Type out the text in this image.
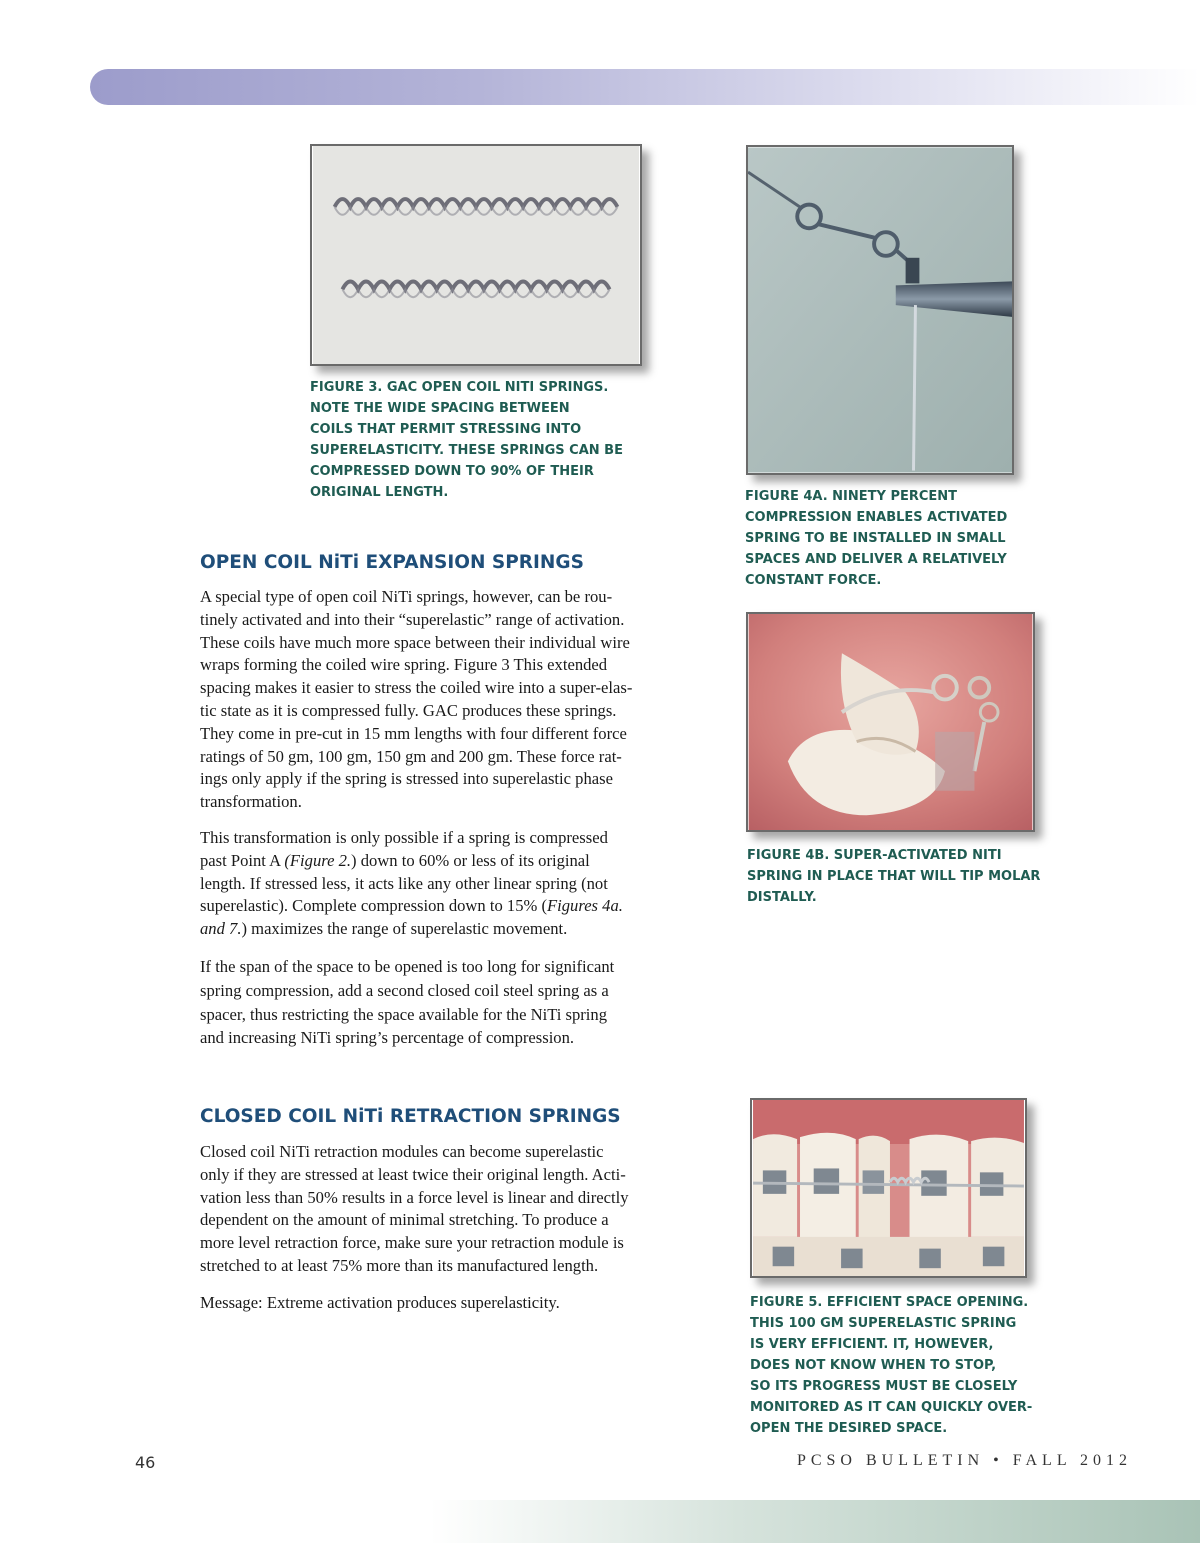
FIGURE 3. GAC OPEN COIL NITI SPRINGS.
NOTE THE WIDE SPACING BETWEEN
COILS THAT PERMIT STRESSING INTO
SUPERELASTICITY. THESE SPRINGS CAN BE
COMPRESSED DOWN TO 90% OF THEIR
ORIGINAL LENGTH.	FIGURE 4A. NINETY PERCENT
COMPRESSION ENABLES ACTIVATED
SPRING TO BE INSTALLED IN SMALL
SPACES AND DELIVER A RELATIVELY
CONSTANT FORCE.
FIGURE 4B. SUPER-ACTIVATED NITI
SPRING IN PLACE THAT WILL TIP MOLAR
DISTALLY.
FIGURE 5. EFFICIENT SPACE OPENING.
THIS 100 GM SUPERELASTIC SPRING
IS VERY EFFICIENT. IT, HOWEVER,
DOES NOT KNOW WHEN TO STOP,
SO ITS PROGRESS MUST BE CLOSELY
MONITORED AS IT CAN QUICKLY OVER-
OPEN THE DESIRED SPACE.
OPEN COIL NiTi EXPANSION SPRINGS

A special type of open coil NiTi springs, however, can be rou-
tinely activated and into their “superelastic” range of activation.
These coils have much more space between their individual wire
wraps forming the coiled wire spring. Figure 3 This extended
spacing makes it easier to stress the coiled wire into a super-elas-
tic state as it is compressed fully. GAC produces these springs.
They come in pre-cut in 15 mm lengths with four different force
ratings of 50 gm, 100 gm, 150 gm and 200 gm. These force rat-
ings only apply if the spring is stressed into superelastic phase
transformation.

This transformation is only possible if a spring is compressed
past Point A (Figure 2.) down to 60% or less of its original
length. If stressed less, it acts like any other linear spring (not
superelastic). Complete compression down to 15% (Figures 4a.
and 7.) maximizes the range of superelastic movement.

If the span of the space to be opened is too long for significant
spring compression, add a second closed coil steel spring as a
spacer, thus restricting the space available for the NiTi spring
and increasing NiTi spring’s percentage of compression.

CLOSED COIL NiTi RETRACTION SPRINGS

Closed coil NiTi retraction modules can become superelastic
only if they are stressed at least twice their original length. Acti-
vation less than 50% results in a force level is linear and directly
dependent on the amount of minimal stretching. To produce a
more level retraction force, make sure your retraction module is
stretched to at least 75% more than its manufactured length.

Message: Extreme activation produces superelasticity.

46	PCSO BULLETIN • FALL 2012
